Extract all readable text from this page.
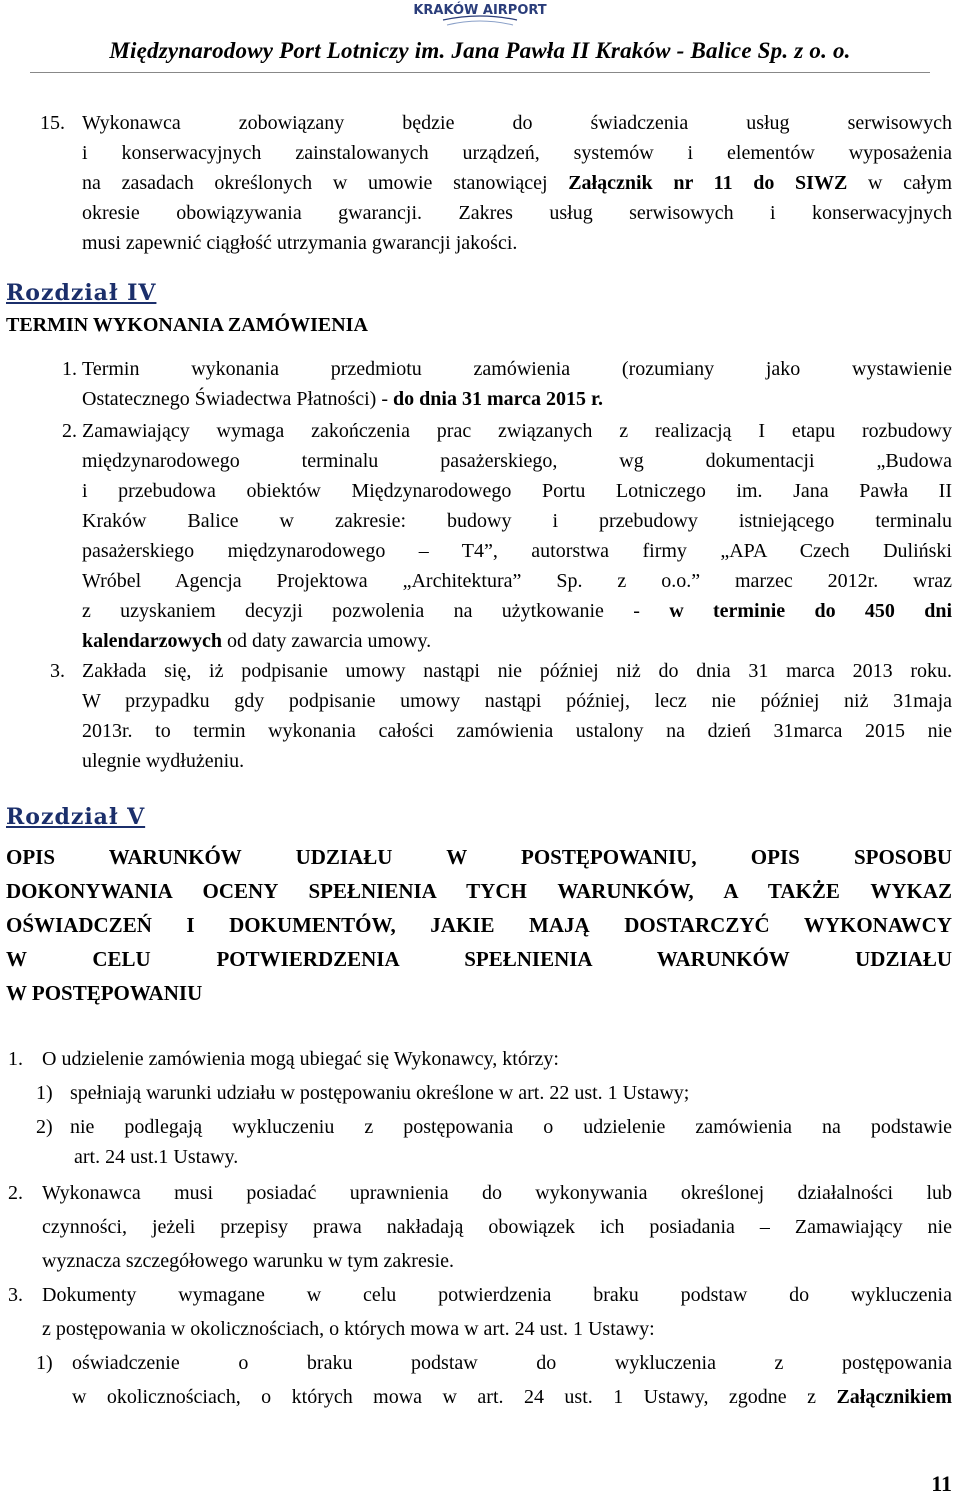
KRAKÓW AIRPORT
Międzynarodowy Port Lotniczy im. Jana Pawła II Kraków - Balice Sp. z o. o.
15. Wykonawca zobowiązany będzie do świadczenia usług serwisowych

i konserwacyjnych zainstalowanych urządzeń, systemów i elementów wyposażenia

na zasadach określonych w umowie stanowiącej Załącznik nr 11 do SIWZ w całym

okresie obowiązywania gwarancji. Zakres usług serwisowych i konserwacyjnych

musi zapewnić ciągłość utrzymania gwarancji jakości.

Rozdział IV
TERMIN WYKONANIA ZAMÓWIENIA
1. Termin wykonania przedmiotu zamówienia (rozumiany jako wystawienie

Ostatecznego Świadectwa Płatności) - do dnia 31 marca 2015 r.

2. Zamawiający wymaga zakończenia prac związanych z realizacją I etapu rozbudowy

międzynarodowego terminalu pasażerskiego, wg dokumentacji „Budowa

i przebudowa obiektów Międzynarodowego Portu Lotniczego im. Jana Pawła II

Kraków Balice w zakresie: budowy i przebudowy istniejącego terminalu

pasażerskiego międzynarodowego – T4”, autorstwa firmy „APA Czech Duliński

Wróbel Agencja Projektowa „Architektura” Sp. z o.o.” marzec 2012r. wraz

z uzyskaniem decyzji pozwolenia na użytkowanie - w terminie do 450 dni

kalendarzowych od daty zawarcia umowy.

3. Zakłada się, iż podpisanie umowy nastąpi nie później niż do dnia 31 marca 2013 roku.

W przypadku gdy podpisanie umowy nastąpi później, lecz nie później niż 31maja

2013r. to termin wykonania całości zamówienia ustalony na dzień 31marca 2015 nie

ulegnie wydłużeniu.

Rozdział V
OPIS WARUNKÓW UDZIAŁU W POSTĘPOWANIU, OPIS SPOSOBU
DOKONYWANIA OCENY SPEŁNIENIA TYCH WARUNKÓW, A TAKŻE WYKAZ
OŚWIADCZEŃ I DOKUMENTÓW, JAKIE MAJĄ DOSTARCZYĆ WYKONAWCY
W CELU POTWIERDZENIA SPEŁNIENIA WARUNKÓW UDZIAŁU
W POSTĘPOWANIU
1. O udzielenie zamówienia mogą ubiegać się Wykonawcy, którzy:

1) spełniają warunki udziału w postępowaniu określone w art. 22 ust. 1 Ustawy;

2) nie podlegają wykluczeniu z postępowania o udzielenie zamówienia na podstawie

art. 24 ust.1 Ustawy.

2. Wykonawca musi posiadać uprawnienia do wykonywania określonej działalności lub

czynności, jeżeli przepisy prawa nakładają obowiązek ich posiadania – Zamawiający nie

wyznacza szczegółowego warunku w tym zakresie.

3. Dokumenty wymagane w celu potwierdzenia braku podstaw do wykluczenia

z postępowania w okolicznościach, o których mowa w art. 24 ust. 1 Ustawy:

1) oświadczenie o braku podstaw do wykluczenia z postępowania

w okolicznościach, o których mowa w art. 24 ust. 1 Ustawy, zgodne z Załącznikiem

11
